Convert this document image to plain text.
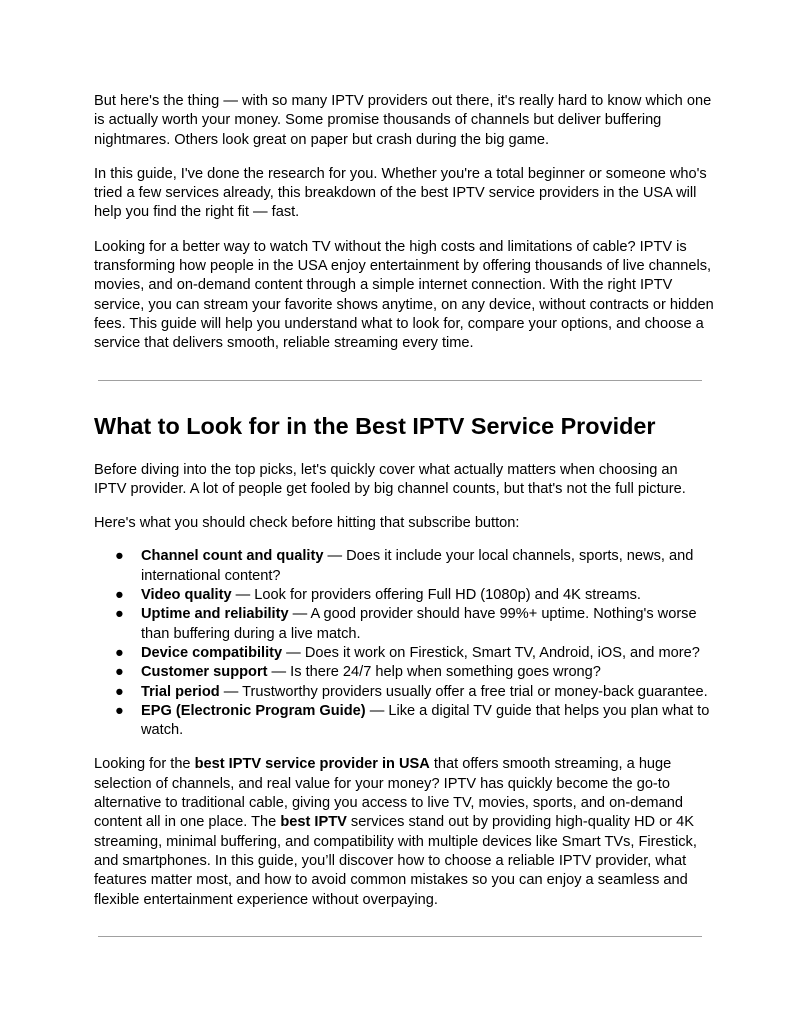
But here's the thing — with so many IPTV providers out there, it's really hard to know which one is actually worth your money. Some promise thousands of channels but deliver buffering nightmares. Others look great on paper but crash during the big game.

In this guide, I've done the research for you. Whether you're a total beginner or someone who's tried a few services already, this breakdown of the best IPTV service providers in the USA will help you find the right fit — fast.

Looking for a better way to watch TV without the high costs and limitations of cable? IPTV is transforming how people in the USA enjoy entertainment by offering thousands of live channels, movies, and on-demand content through a simple internet connection. With the right IPTV service, you can stream your favorite shows anytime, on any device, without contracts or hidden fees. This guide will help you understand what to look for, compare your options, and choose a service that delivers smooth, reliable streaming every time.

What to Look for in the Best IPTV Service Provider

Before diving into the top picks, let's quickly cover what actually matters when choosing an IPTV provider. A lot of people get fooled by big channel counts, but that's not the full picture.

Here's what you should check before hitting that subscribe button:

● Channel count and quality — Does it include your local channels, sports, news, and international content?
● Video quality — Look for providers offering Full HD (1080p) and 4K streams.
● Uptime and reliability — A good provider should have 99%+ uptime. Nothing's worse than buffering during a live match.
● Device compatibility — Does it work on Firestick, Smart TV, Android, iOS, and more?
● Customer support — Is there 24/7 help when something goes wrong?
● Trial period — Trustworthy providers usually offer a free trial or money-back guarantee.
● EPG (Electronic Program Guide) — Like a digital TV guide that helps you plan what to watch.

Looking for the best IPTV service provider in USA that offers smooth streaming, a huge selection of channels, and real value for your money? IPTV has quickly become the go-to alternative to traditional cable, giving you access to live TV, movies, sports, and on-demand content all in one place. The best IPTV services stand out by providing high-quality HD or 4K streaming, minimal buffering, and compatibility with multiple devices like Smart TVs, Firestick, and smartphones. In this guide, you’ll discover how to choose a reliable IPTV provider, what features matter most, and how to avoid common mistakes so you can enjoy a seamless and flexible entertainment experience without overpaying.
